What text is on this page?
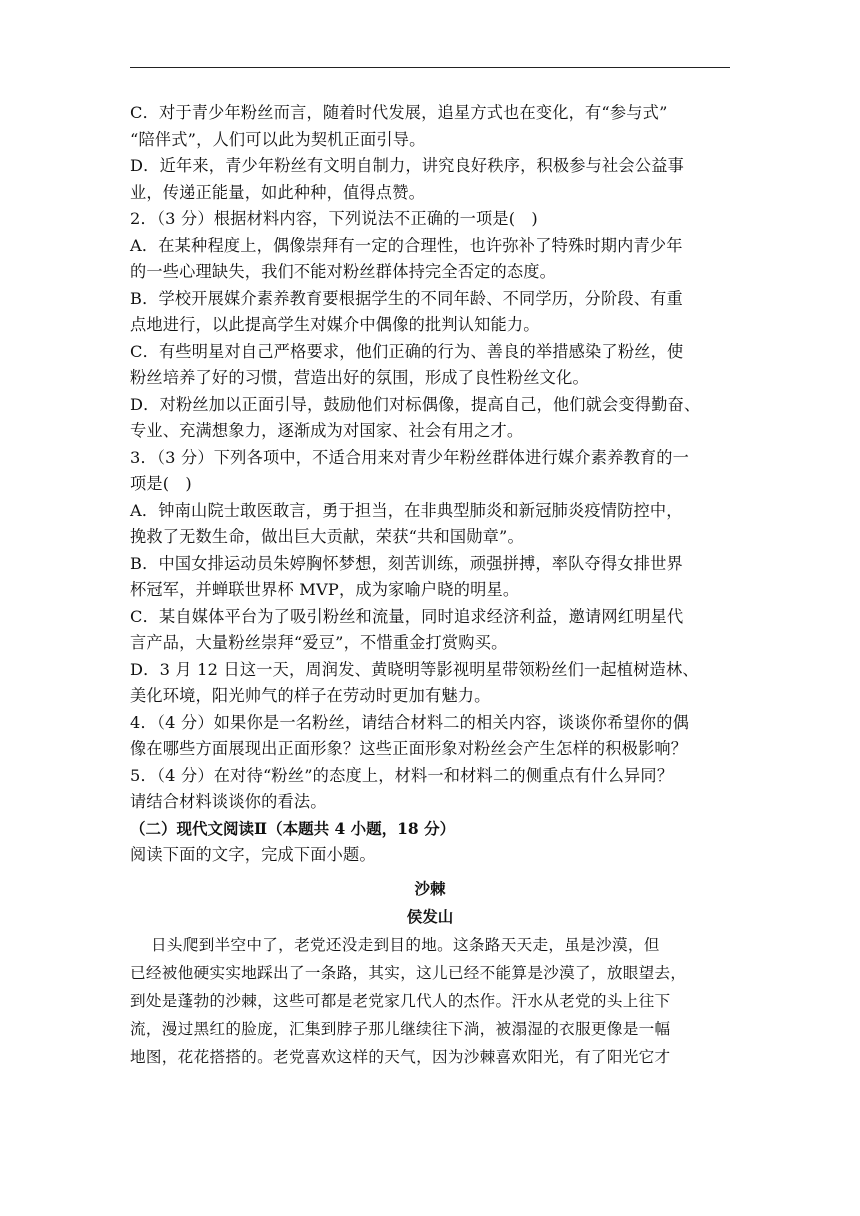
C．对于青少年粉丝而言，随着时代发展，追星方式也在变化，有“参与式”

“陪伴式”，人们可以此为契机正面引导。

D．近年来，青少年粉丝有文明自制力，讲究良好秩序，积极参与社会公益事

业，传递正能量，如此种种，值得点赞。

2．（3 分）根据材料内容，下列说法不正确的一项是(   )

A．在某种程度上，偶像崇拜有一定的合理性，也许弥补了特殊时期内青少年

的一些心理缺失，我们不能对粉丝群体持完全否定的态度。

B．学校开展媒介素养教育要根据学生的不同年龄、不同学历，分阶段、有重

点地进行，以此提高学生对媒介中偶像的批判认知能力。

C．有些明星对自己严格要求，他们正确的行为、善良的举措感染了粉丝，使

粉丝培养了好的习惯，营造出好的氛围，形成了良性粉丝文化。

D．对粉丝加以正面引导，鼓励他们对标偶像，提高自己，他们就会变得勤奋、

专业、充满想象力，逐渐成为对国家、社会有用之才。

3．（3 分）下列各项中，不适合用来对青少年粉丝群体进行媒介素养教育的一

项是(   )

A．钟南山院士敢医敢言，勇于担当，在非典型肺炎和新冠肺炎疫情防控中，

挽救了无数生命，做出巨大贡献，荣获“共和国勋章”。

B．中国女排运动员朱婷胸怀梦想，刻苦训练，顽强拼搏，率队夺得女排世界

杯冠军，并蝉联世界杯 MVP，成为家喻户晓的明星。

C．某自媒体平台为了吸引粉丝和流量，同时追求经济利益，邀请网红明星代

言产品，大量粉丝崇拜“爱豆”，不惜重金打赏购买。

D．3 月 12 日这一天，周润发、黄晓明等影视明星带领粉丝们一起植树造林、

美化环境，阳光帅气的样子在劳动时更加有魅力。

4．（4 分）如果你是一名粉丝，请结合材料二的相关内容，谈谈你希望你的偶

像在哪些方面展现出正面形象？这些正面形象对粉丝会产生怎样的积极影响？

5．（4 分）在对待“粉丝”的态度上，材料一和材料二的侧重点有什么异同？

请结合材料谈谈你的看法。

（二）现代文阅读Ⅱ（本题共 4 小题，18 分）

阅读下面的文字，完成下面小题。

沙棘

侯发山

日头爬到半空中了，老党还没走到目的地。这条路天天走，虽是沙漠，但

已经被他硬实实地踩出了一条路，其实，这儿已经不能算是沙漠了，放眼望去，

到处是蓬勃的沙棘，这些可都是老党家几代人的杰作。汗水从老党的头上往下

流，漫过黑红的脸庞，汇集到脖子那儿继续往下淌，被溻湿的衣服更像是一幅

地图，花花搭搭的。老党喜欢这样的天气，因为沙棘喜欢阳光，有了阳光它才
